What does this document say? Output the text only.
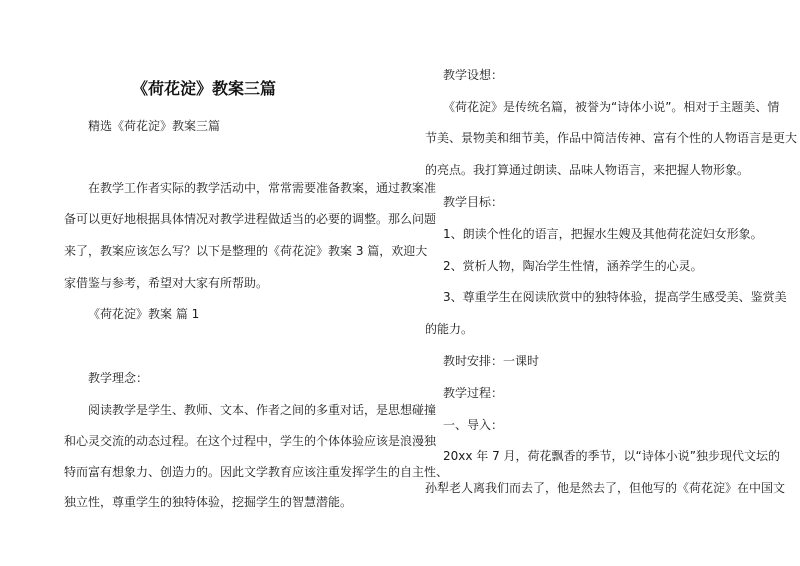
《荷花淀》教案三篇
精选《荷花淀》教案三篇
在教学工作者实际的教学活动中，常常需要准备教案，通过教案准
备可以更好地根据具体情况对教学进程做适当的必要的调整。那么问题
来了，教案应该怎么写？以下是整理的《荷花淀》教案 3 篇，欢迎大
家借鉴与参考，希望对大家有所帮助。
《荷花淀》教案 篇 1
教学理念：
阅读教学是学生、教师、文本、作者之间的多重对话，是思想碰撞
和心灵交流的动态过程。在这个过程中，学生的个体体验应该是浪漫独
特而富有想象力、创造力的。因此文学教育应该注重发挥学生的自主性、
独立性，尊重学生的独特体验，挖掘学生的智慧潜能。
教学设想：
《荷花淀》是传统名篇，被誉为“诗体小说”。相对于主题美、情
节美、景物美和细节美，作品中简洁传神、富有个性的人物语言是更大
的亮点。我打算通过朗读、品味人物语言，来把握人物形象。
教学目标：
1、朗读个性化的语言，把握水生嫂及其他荷花淀妇女形象。
2、赏析人物，陶冶学生性情，涵养学生的心灵。
3、尊重学生在阅读欣赏中的独特体验，提高学生感受美、鉴赏美
的能力。
教时安排：一课时
教学过程：
一、导入：
20xx 年 7 月，荷花飘香的季节，以“诗体小说”独步现代文坛的
孙犁老人离我们而去了，他是然去了，但他写的《荷花淀》在中国文
